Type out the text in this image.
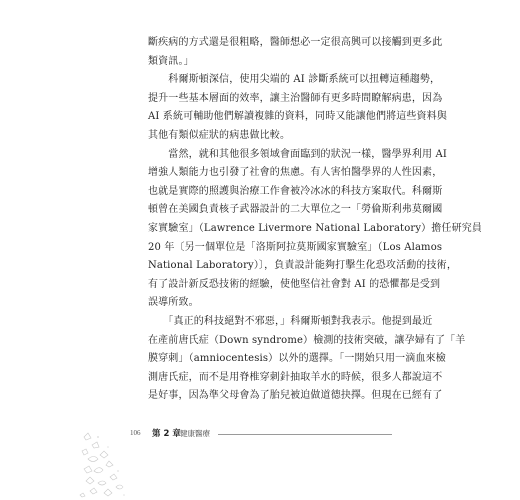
斷疾病的方式還是很粗略，醫師想必一定很高興可以接觸到更多此
類資訊。」
　　科爾斯頓深信，使用尖端的 AI 診斷系統可以扭轉這種趨勢，
提升一些基本層面的效率，讓主治醫師有更多時間瞭解病患，因為
AI 系統可輔助他們解讀複雜的資料，同時又能讓他們將這些資料與
其他有類似症狀的病患做比較。
　　當然，就和其他很多領域會面臨到的狀況一樣，醫學界利用 AI
增強人類能力也引發了社會的焦慮。有人害怕醫學界的人性因素，
也就是實際的照護與治療工作會被冷冰冰的科技方案取代。科爾斯
頓曾在美國負責核子武器設計的二大單位之一「勞倫斯利弗莫爾國
家實驗室」（Lawrence Livermore National Laboratory）擔任研究員
20 年〔另一個單位是「洛斯阿拉莫斯國家實驗室」（Los Alamos
National Laboratory）〕，負責設計能夠打擊生化恐攻活動的技術，
有了設計新反恐技術的經驗，使他堅信社會對 AI 的恐懼都是受到
誤導所致。
　　「真正的科技絕對不邪惡，」科爾斯頓對我表示。他提到最近
在產前唐氏症（Down syndrome）檢測的技術突破，讓孕婦有了「羊
膜穿刺」（amniocentesis）以外的選擇。「一開始只用一滴血來檢
測唐氏症，而不是用脊椎穿刺針抽取羊水的時候，很多人都說這不
是好事，因為準父母會為了胎兒被迫做道德抉擇。但現在已經有了
106 第 2 章 健康醫療
